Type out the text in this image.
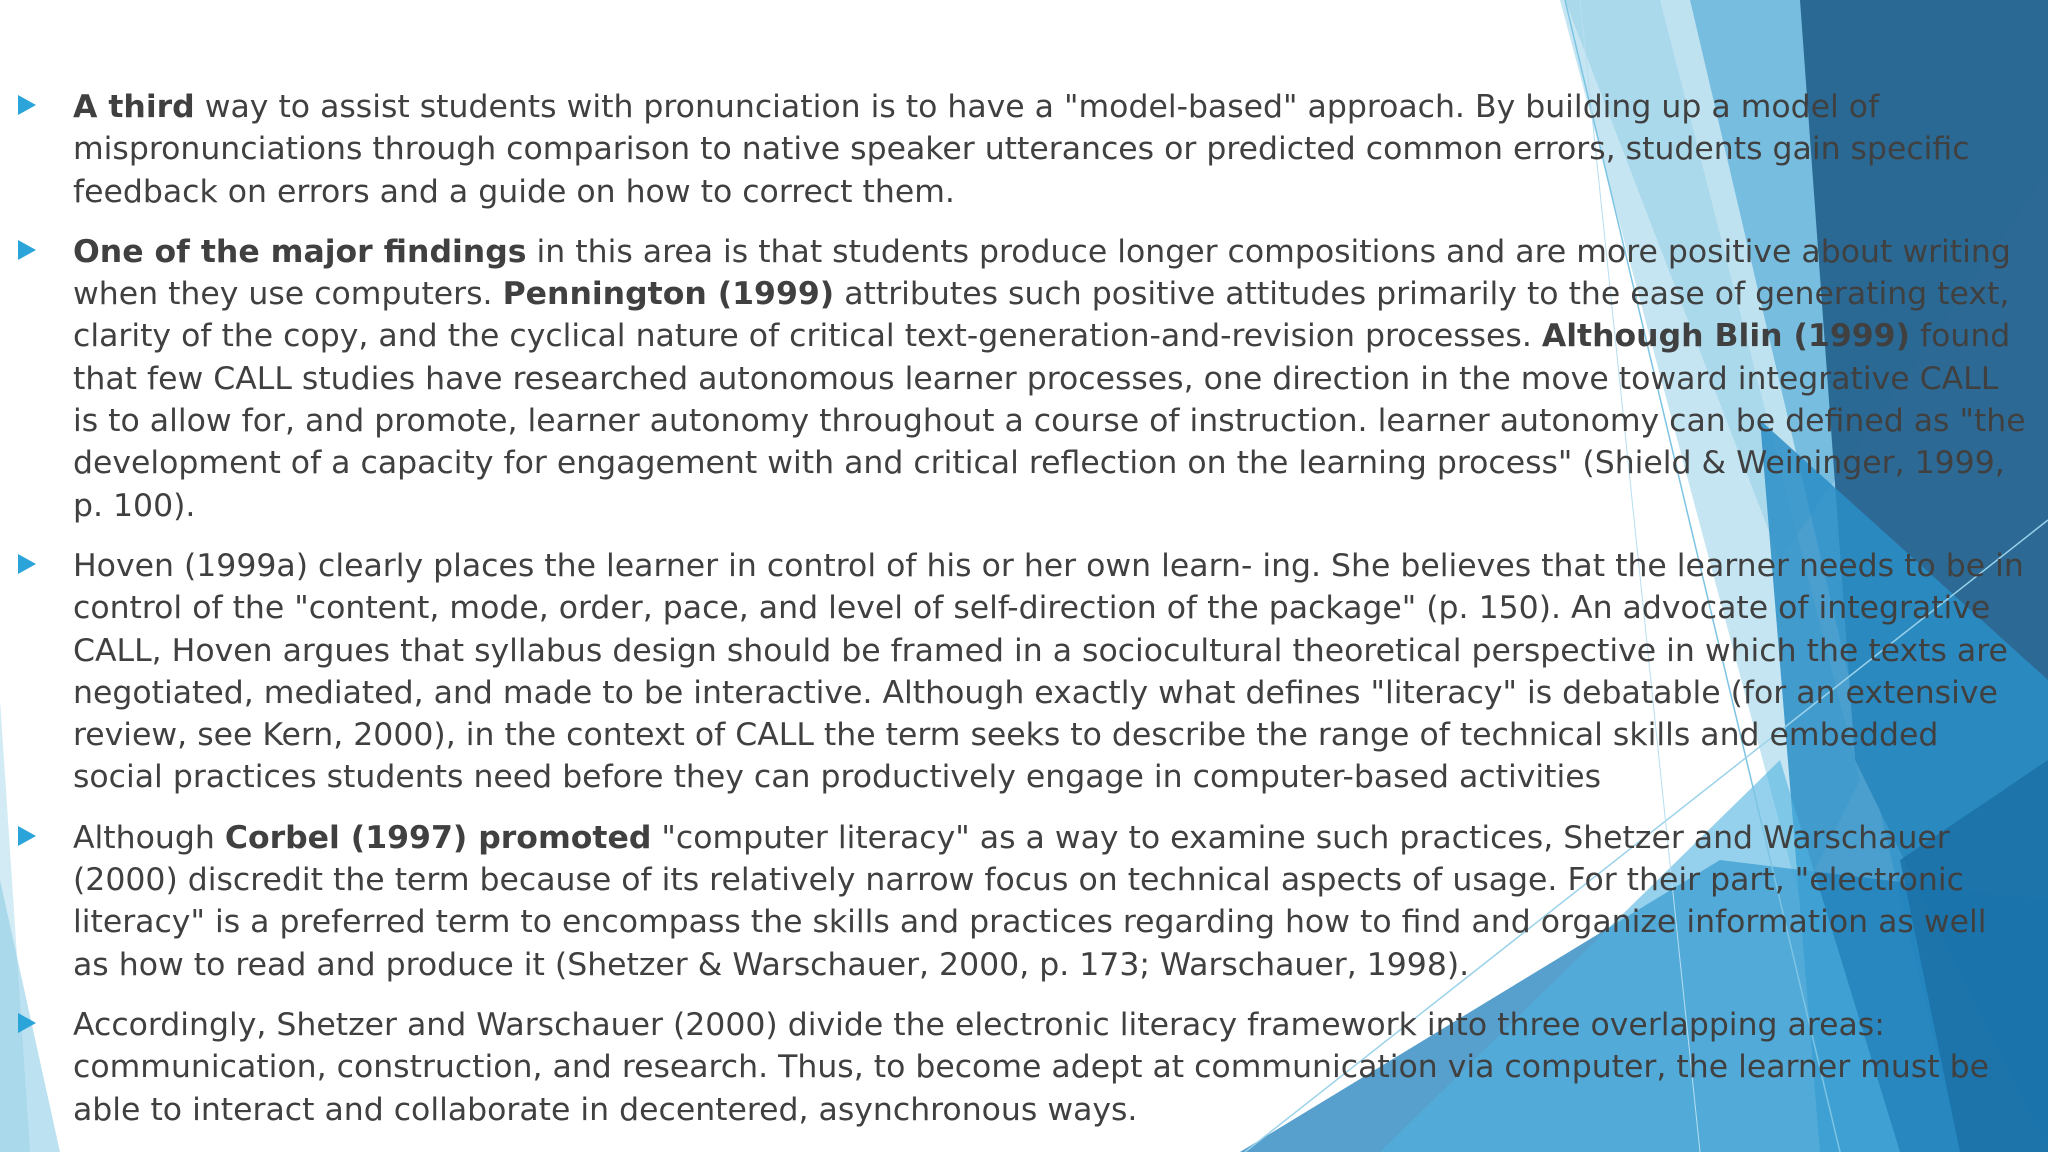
A third way to assist students with pronunciation is to have a "model-based" approach. By building up a model of mispronunciations through comparison to native speaker utterances or predicted common errors, students gain specific feedback on errors and a guide on how to correct them.
One of the major findings in this area is that students produce longer compositions and are more positive about writing when they use computers. Pennington (1999) attributes such positive attitudes primarily to the ease of generating text, clarity of the copy, and the cyclical nature of critical text-generation-and-revision processes. Although Blin (1999) found that few CALL studies have researched autonomous learner processes, one direction in the move toward integrative CALL is to allow for, and promote, learner autonomy throughout a course of instruction. learner autonomy can be defined as "the development of a capacity for engagement with and critical reflection on the learning process" (Shield & Weininger, 1999, p. 100).
Hoven (1999a) clearly places the learner in control of his or her own learn- ing. She believes that the learner needs to be in control of the "content, mode, order, pace, and level of self-direction of the package" (p. 150). An advocate of integrative CALL, Hoven argues that syllabus design should be framed in a sociocultural theoretical perspective in which the texts are negotiated, mediated, and made to be interactive. Although exactly what defines "literacy" is debatable (for an extensive review, see Kern, 2000), in the context of CALL the term seeks to describe the range of technical skills and embedded social practices students need before they can productively engage in computer-based activities
Although Corbel (1997) promoted "computer literacy" as a way to examine such practices, Shetzer and Warschauer (2000) discredit the term because of its relatively narrow focus on technical aspects of usage. For their part, "electronic literacy" is a preferred term to encompass the skills and practices regarding how to find and organize information as well as how to read and produce it (Shetzer & Warschauer, 2000, p. 173; Warschauer, 1998).
Accordingly, Shetzer and Warschauer (2000) divide the electronic literacy framework into three overlapping areas: communication, construction, and research. Thus, to become adept at communication via computer, the learner must be able to interact and collaborate in decentered, asynchronous ways.
